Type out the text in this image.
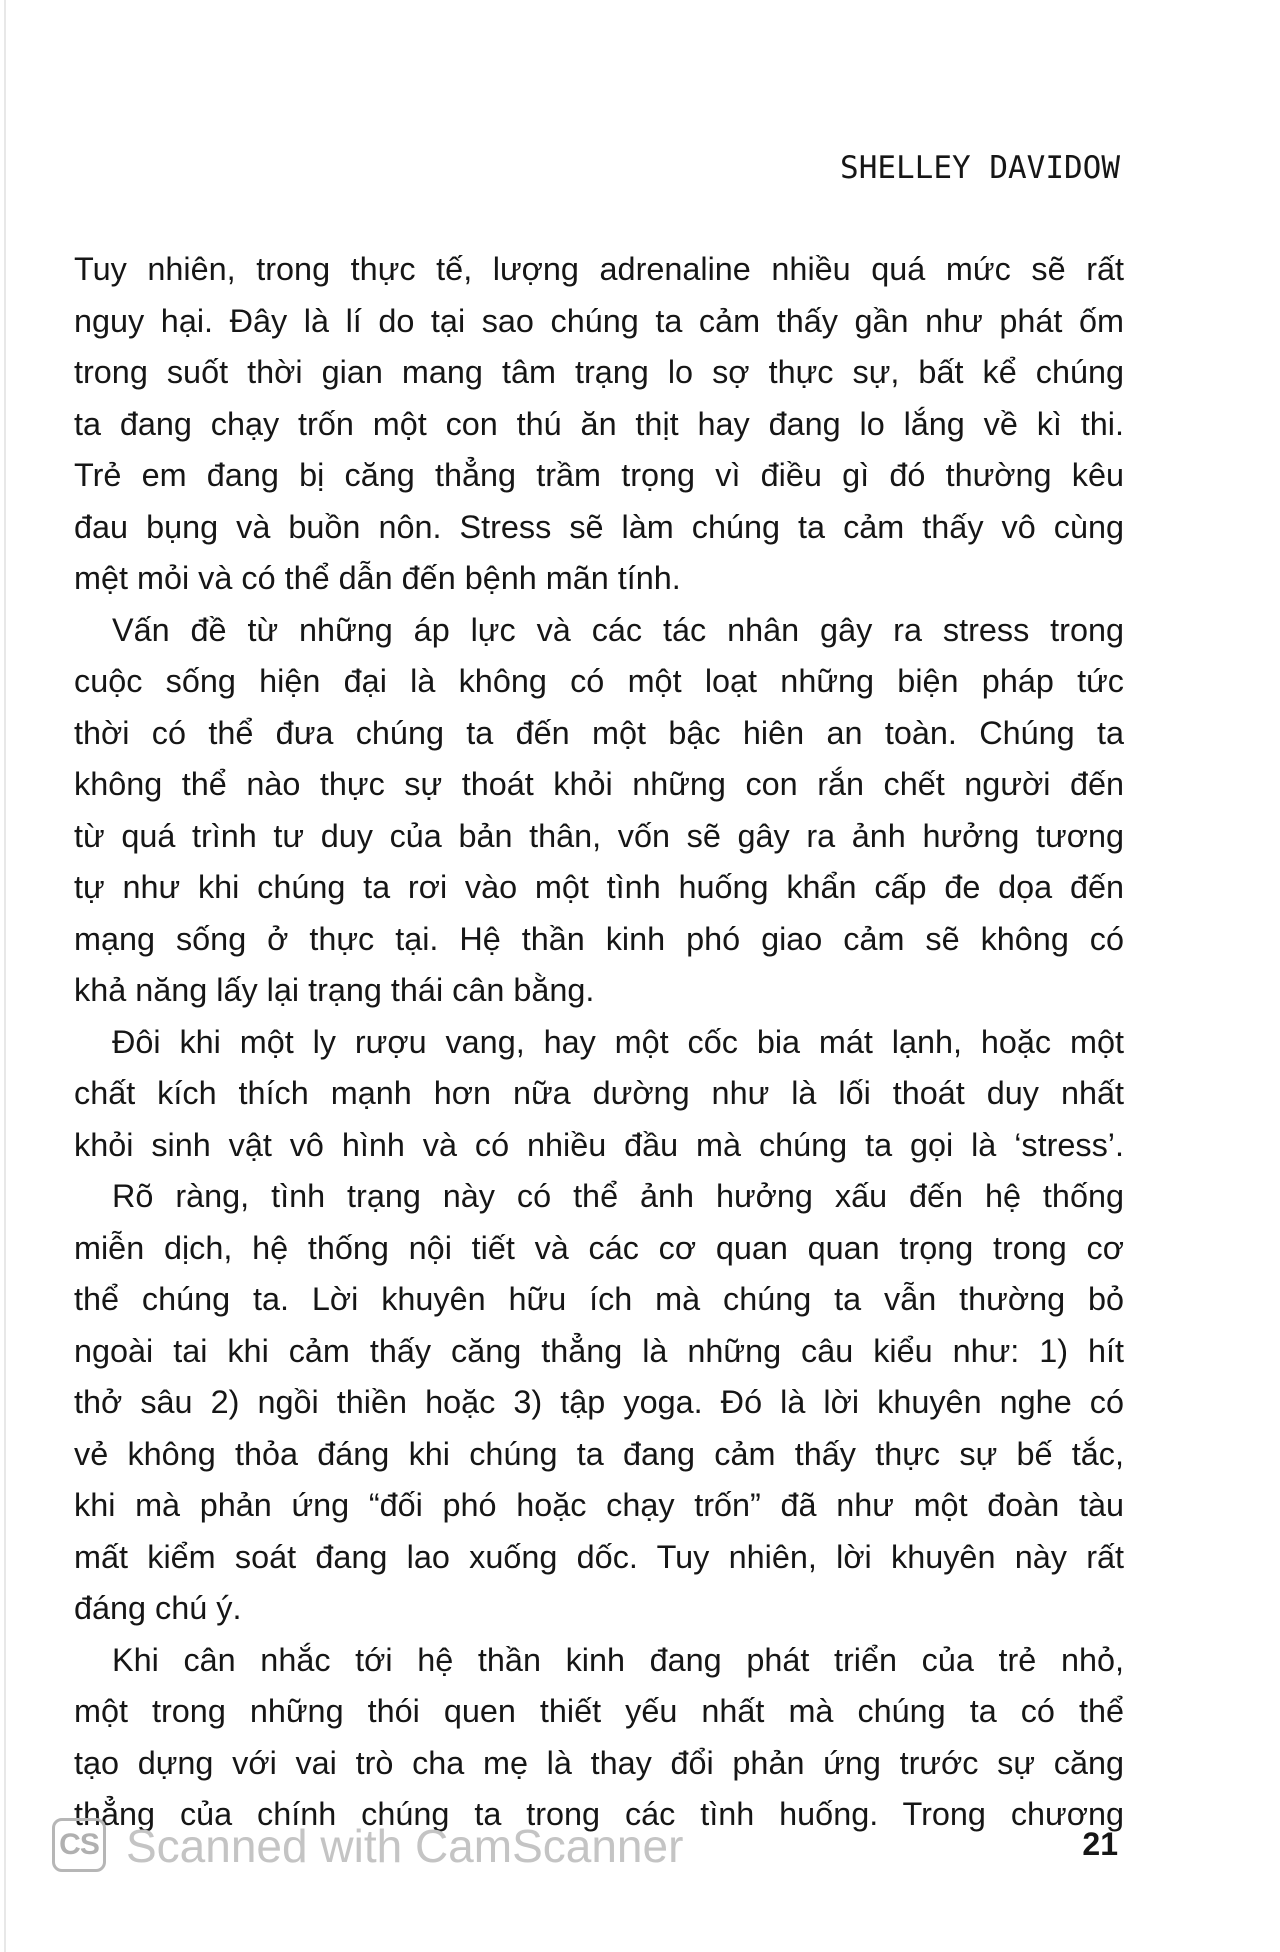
SHELLEY DAVIDOW
Tuy nhiên, trong thực tế, lượng adrenaline nhiều quá mức sẽ rất
nguy hại. Đây là lí do tại sao chúng ta cảm thấy gần như phát ốm
trong suốt thời gian mang tâm trạng lo sợ thực sự, bất kể chúng
ta đang chạy trốn một con thú ăn thịt hay đang lo lắng về kì thi.
Trẻ em đang bị căng thẳng trầm trọng vì điều gì đó thường kêu
đau bụng và buồn nôn. Stress sẽ làm chúng ta cảm thấy vô cùng
mệt mỏi và có thể dẫn đến bệnh mãn tính.
Vấn đề từ những áp lực và các tác nhân gây ra stress trong
cuộc sống hiện đại là không có một loạt những biện pháp tức
thời có thể đưa chúng ta đến một bậc hiên an toàn. Chúng ta
không thể nào thực sự thoát khỏi những con rắn chết người đến
từ quá trình tư duy của bản thân, vốn sẽ gây ra ảnh hưởng tương
tự như khi chúng ta rơi vào một tình huống khẩn cấp đe dọa đến
mạng sống ở thực tại. Hệ thần kinh phó giao cảm sẽ không có
khả năng lấy lại trạng thái cân bằng.
Đôi khi một ly rượu vang, hay một cốc bia mát lạnh, hoặc một
chất kích thích mạnh hơn nữa dường như là lối thoát duy nhất
khỏi sinh vật vô hình và có nhiều đầu mà chúng ta gọi là ‘stress’.
Rõ ràng, tình trạng này có thể ảnh hưởng xấu đến hệ thống
miễn dịch, hệ thống nội tiết và các cơ quan quan trọng trong cơ
thể chúng ta. Lời khuyên hữu ích mà chúng ta vẫn thường bỏ
ngoài tai khi cảm thấy căng thẳng là những câu kiểu như: 1) hít
thở sâu 2) ngồi thiền hoặc 3) tập yoga. Đó là lời khuyên nghe có
vẻ không thỏa đáng khi chúng ta đang cảm thấy thực sự bế tắc,
khi mà phản ứng “đối phó hoặc chạy trốn” đã như một đoàn tàu
mất kiểm soát đang lao xuống dốc. Tuy nhiên, lời khuyên này rất
đáng chú ý.
Khi cân nhắc tới hệ thần kinh đang phát triển của trẻ nhỏ,
một trong những thói quen thiết yếu nhất mà chúng ta có thể
tạo dựng với vai trò cha mẹ là thay đổi phản ứng trước sự căng
thẳng của chính chúng ta trong các tình huống. Trong chương
CS Scanned with CamScanner	21
